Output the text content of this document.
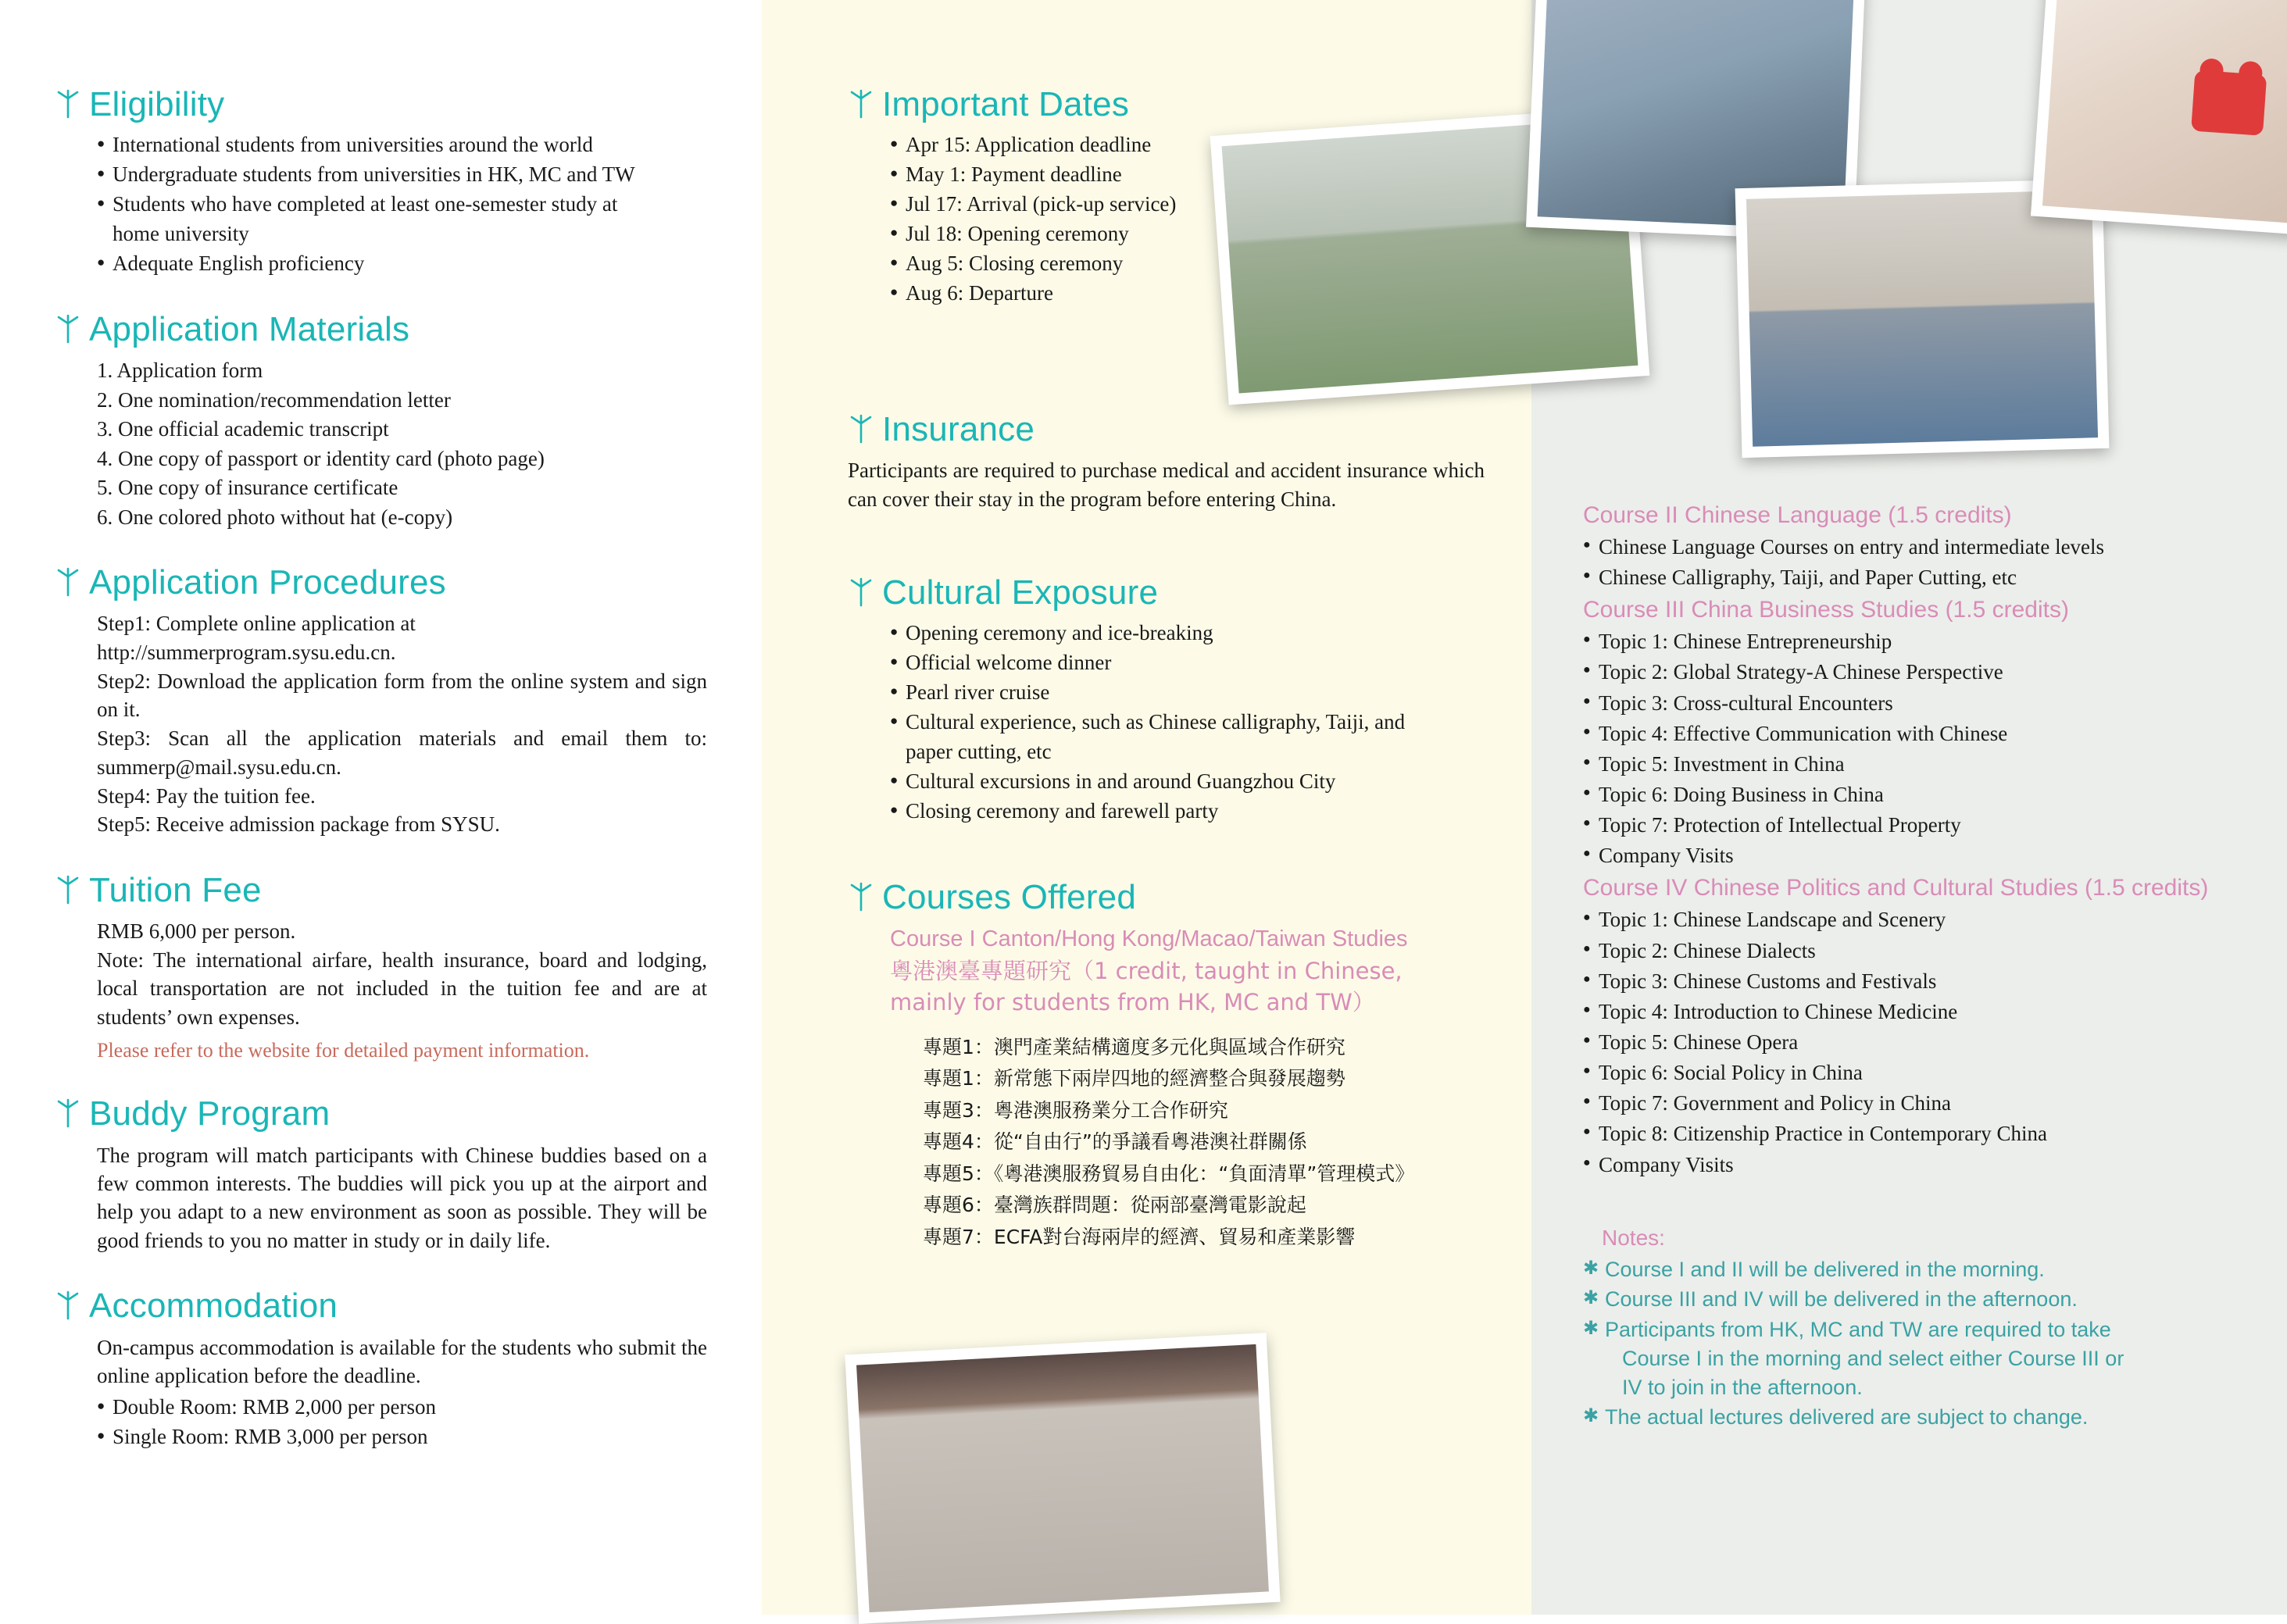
Eligibility
● International students from universities around the world
● Undergraduate students from universities in HK, MC and TW
● Students who have completed at least one-semester study at
home university
● Adequate English proficiency
Application Materials
1. Application form
2. One nomination/recommendation letter
3. One official academic transcript
4. One copy of passport or identity card (photo page)
5. One copy of insurance certificate
6. One colored photo without hat (e-copy)
Application Procedures
Step1: Complete online application at
http://summerprogram.sysu.edu.cn.
Step2: Download the application form from the online system and sign on it.
Step3: Scan all the application materials and email them to: summerp@mail.sysu.edu.cn.
Step4: Pay the tuition fee.
Step5: Receive admission package from SYSU.
Tuition Fee

RMB 6,000 per person.

Note: The international airfare, health insurance, board and lodging, local transportation are not included in the tuition fee and are at students’ own expenses.

Please refer to the website for detailed payment information.

Buddy Program

The program will match participants with Chinese buddies based on a few common interests. The buddies will pick you up at the airport and help you adapt to a new environment as soon as possible. They will be good friends to you no matter in study or in daily life.

Accommodation

On-campus accommodation is available for the students who submit the online application before the deadline.

● Double Room: RMB 2,000 per person
● Single Room: RMB 3,000 per person
Important Dates
● Apr 15: Application deadline
● May 1: Payment deadline
● Jul 17: Arrival (pick-up service)
● Jul 18: Opening ceremony
● Aug 5: Closing ceremony
● Aug 6: Departure
Insurance

Participants are required to purchase medical and accident insurance which can cover their stay in the program before entering China.

Cultural Exposure
● Opening ceremony and ice-breaking
● Official welcome dinner
● Pearl river cruise
● Cultural experience, such as Chinese calligraphy, Taiji, and
paper cutting, etc
● Cultural excursions in and around Guangzhou City
● Closing ceremony and farewell party
Courses Offered
Course I Canton/Hong Kong/Macao/Taiwan Studies
粵港澳臺專題研究（1 credit, taught in Chinese, mainly for students from HK, MC and TW）
專題1：澳門產業結構適度多元化與區域合作研究
專題1：新常態下兩岸四地的經濟整合與發展趨勢
專題3：粵港澳服務業分工合作研究
專題4：從“自由行”的爭議看粵港澳社群關係
專題5：《粵港澳服務貿易自由化：“負面清單”管理模式》
專題6：臺灣族群問題：從兩部臺灣電影說起
專題7：ECFA對台海兩岸的經濟、貿易和產業影響
Course II Chinese Language (1.5 credits)
● Chinese Language Courses on entry and intermediate levels
● Chinese Calligraphy, Taiji, and Paper Cutting, etc
Course III China Business Studies (1.5 credits)
● Topic 1: Chinese Entrepreneurship
● Topic 2: Global Strategy-A Chinese Perspective
● Topic 3: Cross-cultural Encounters
● Topic 4: Effective Communication with Chinese
● Topic 5: Investment in China
● Topic 6: Doing Business in China
● Topic 7: Protection of Intellectual Property
● Company Visits
Course IV Chinese Politics and Cultural Studies (1.5 credits)
● Topic 1: Chinese Landscape and Scenery
● Topic 2: Chinese Dialects
● Topic 3: Chinese Customs and Festivals
● Topic 4: Introduction to Chinese Medicine
● Topic 5: Chinese Opera
● Topic 6: Social Policy in China
● Topic 7: Government and Policy in China
● Topic 8: Citizenship Practice in Contemporary China
● Company Visits
Notes:
✱ Course I and II will be delivered in the morning.
✱ Course III and IV will be delivered in the afternoon.
✱ Participants from HK, MC and TW are required to take
Course I in the morning and select either Course III or
IV to join in the afternoon.
✱ The actual lectures delivered are subject to change.
